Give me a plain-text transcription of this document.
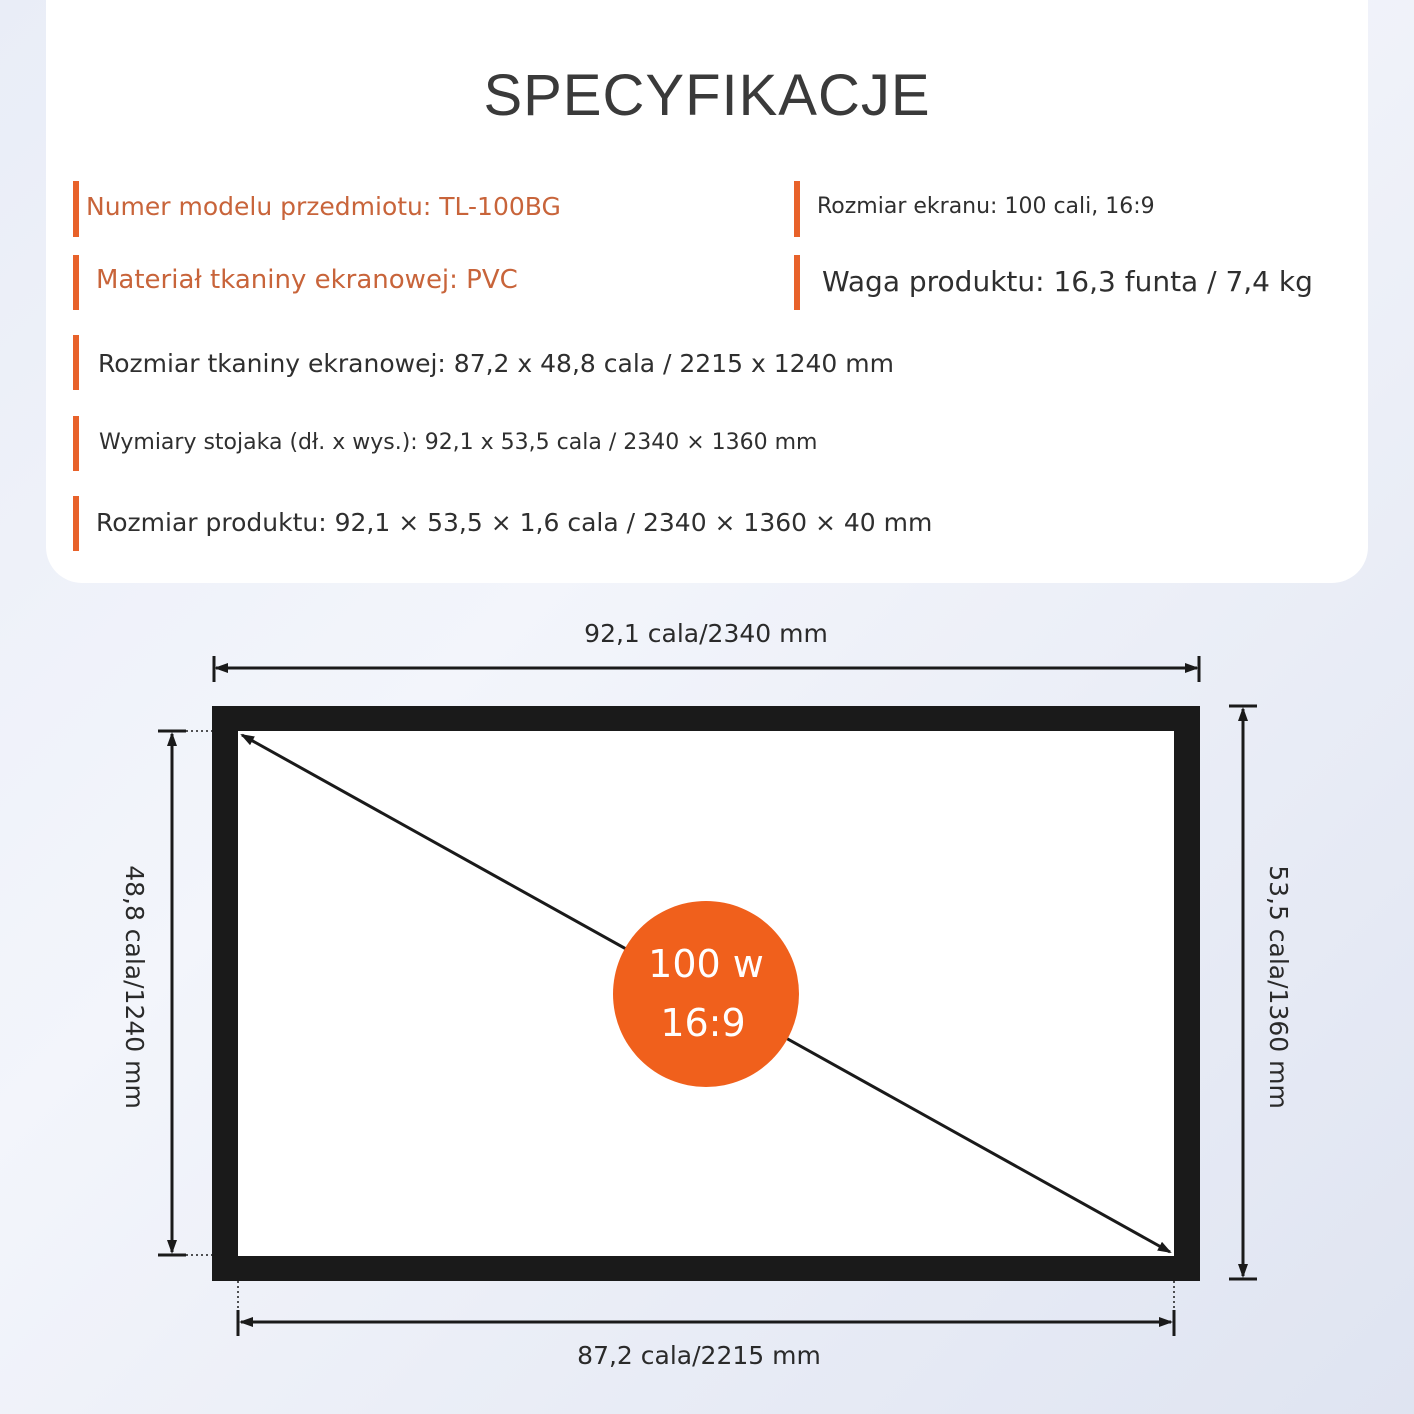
SPECYFIKACJE
Numer modelu przedmiotu: TL-100BG	Rozmiar ekranu: 100 cali, 16:9
Materiał tkaniny ekranowej: PVC	Waga produktu: 16,3 funta / 7,4 kg
Rozmiar tkaniny ekranowej: 87,2 x 48,8 cala / 2215 x 1240 mm
Wymiary stojaka (dł. x wys.): 92,1 x 53,5 cala / 2340 × 1360 mm
Rozmiar produktu: 92,1 × 53,5 × 1,6 cala / 2340 × 1360 × 40 mm
92,1 cala/2340 mm
100 w
16:9
48,8 cala/1240 mm	53,5 cala/1360 mm
87,2 cala/2215 mm
